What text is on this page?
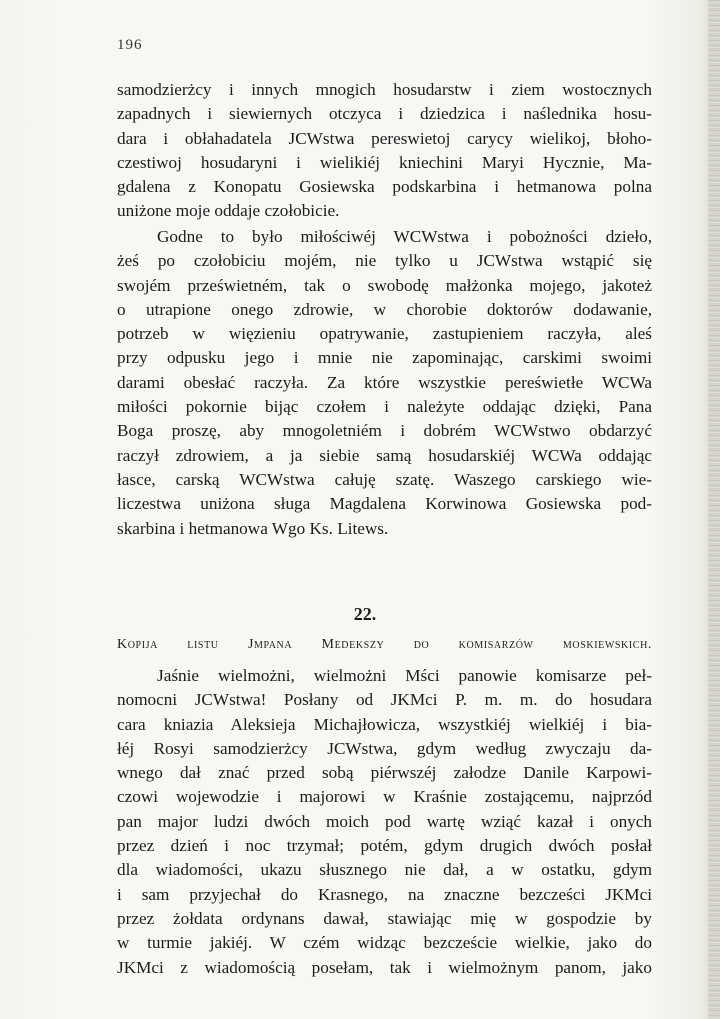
196
samodzierżcy i innych mnogich hosudarstw i ziem wostocznych
zapadnych i siewiernych otczyca i dziedzica i naślednika hosu-
dara i obłahadatela JCWstwa pereswietoj carycy wielikoj, błoho-
czestiwoj hosudaryni i wielikiéj kniechini Maryi Hycznie, Ma-
gdalena z Konopatu Gosiewska podskarbina i hetmanowa polna
uniżone moje oddaje czołobicie.
Godne to było miłościwéj WCWstwa i pobożności dzieło,
żeś po czołobiciu mojém, nie tylko u JCWstwa wstąpić się
swojém prześwietném, tak o swobodę małżonka mojego, jakoteż
o utrapione onego zdrowie, w chorobie doktorów dodawanie,
potrzeb w więzieniu opatrywanie, zastupieniem raczyła, aleś
przy odpusku jego i mnie nie zapominając, carskimi swoimi
darami obesłać raczyła. Za które wszystkie pereświetłe WCWa
miłości pokornie bijąc czołem i należyte oddając dzięki, Pana
Boga proszę, aby mnogoletniém i dobrém WCWstwo obdarzyć
raczył zdrowiem, a ja siebie samą hosudarskiéj WCWa oddając
łasce, carską WCWstwa całuję szatę. Waszego carskiego wie-
liczestwa uniżona sługa Magdalena Korwinowa Gosiewska pod-
skarbina i hetmanowa Wgo Ks. Litews.
22.
Kopija listu Jmpana Medekszy do komisarzów moskiewskich.
Jaśnie wielmożni, wielmożni Mści panowie komisarze peł-
nomocni JCWstwa! Posłany od JKMci P. m. m. do hosudara
cara kniazia Aleksieja Michajłowicza, wszystkiéj wielkiéj i bia-
łéj Rosyi samodzierżcy JCWstwa, gdym według zwyczaju da-
wnego dał znać przed sobą piérwszéj załodze Danile Karpowi-
czowi wojewodzie i majorowi w Kraśnie zostającemu, najprzód
pan major ludzi dwóch moich pod wartę wziąć kazał i onych
przez dzień i noc trzymał; potém, gdym drugich dwóch posłał
dla wiadomości, ukazu słusznego nie dał, a w ostatku, gdym
i sam przyjechał do Krasnego, na znaczne bezcześci JKMci
przez żołdata ordynans dawał, stawiając mię w gospodzie by
w turmie jakiéj. W czém widząc bezczeście wielkie, jako do
JKMci z wiadomością posełam, tak i wielmożnym panom, jako
